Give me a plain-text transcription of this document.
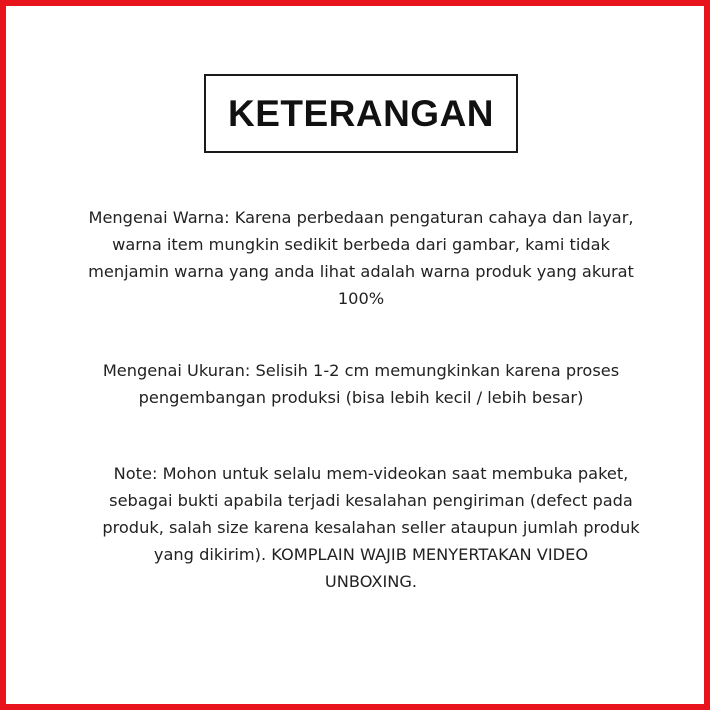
KETERANGAN
Mengenai Warna: Karena perbedaan pengaturan cahaya dan layar,
warna item mungkin sedikit berbeda dari gambar, kami tidak
menjamin warna yang anda lihat adalah warna produk yang akurat
100%
Mengenai Ukuran: Selisih 1-2 cm memungkinkan karena proses
pengembangan produksi (bisa lebih kecil / lebih besar)
Note: Mohon untuk selalu mem-videokan saat membuka paket,
sebagai bukti apabila terjadi kesalahan pengiriman (defect pada
produk, salah size karena kesalahan seller ataupun jumlah produk
yang dikirim). KOMPLAIN WAJIB MENYERTAKAN VIDEO
UNBOXING.
